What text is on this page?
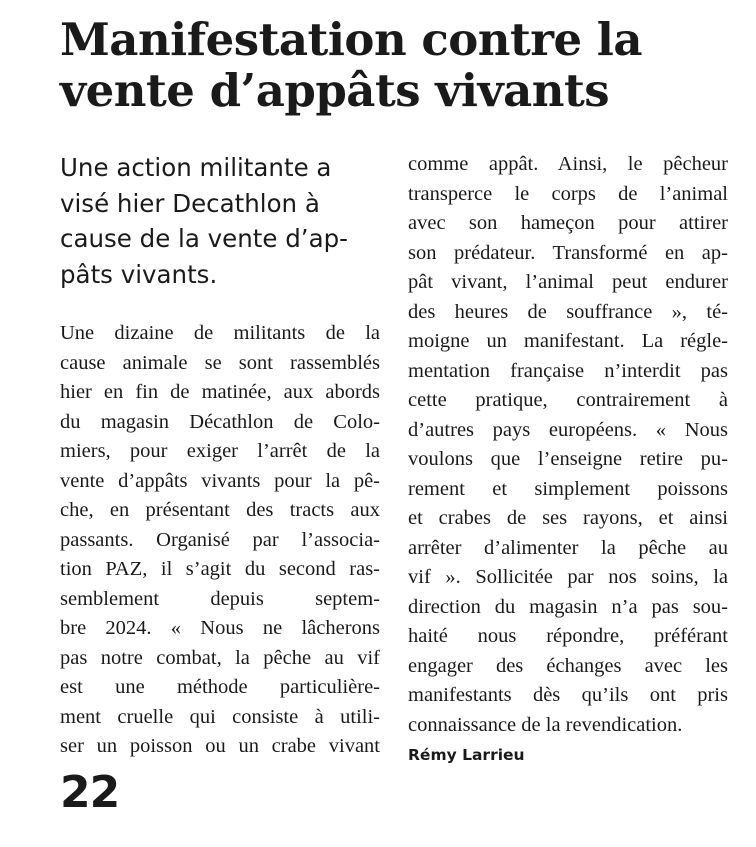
Manifestation contre la
vente d’appâts vivants
Une action militante a
visé hier Decathlon à
cause de la vente d’ap-
pâts vivants.
Une dizaine de militants de la
cause animale se sont rassemblés
hier en fin de matinée, aux abords
du magasin Décathlon de Colo-
miers, pour exiger l’arrêt de la
vente d’appâts vivants pour la pê-
che, en présentant des tracts aux
passants. Organisé par l’associa-
tion PAZ, il s’agit du second ras-
semblement depuis septem-
bre 2024. « Nous ne lâcherons
pas notre combat, la pêche au vif
est une méthode particulière-
ment cruelle qui consiste à utili-
ser un poisson ou un crabe vivant
comme appât. Ainsi, le pêcheur
transperce le corps de l’animal
avec son hameçon pour attirer
son prédateur. Transformé en ap-
pât vivant, l’animal peut endurer
des heures de souffrance », té-
moigne un manifestant. La régle-
mentation française n’interdit pas
cette pratique, contrairement à
d’autres pays européens. « Nous
voulons que l’enseigne retire pu-
rement et simplement poissons
et crabes de ses rayons, et ainsi
arrêter d’alimenter la pêche au
vif ». Sollicitée par nos soins, la
direction du magasin n’a pas sou-
haité nous répondre, préférant
engager des échanges avec les
manifestants dès qu’ils ont pris
connaissance de la revendication.
Rémy Larrieu
22
